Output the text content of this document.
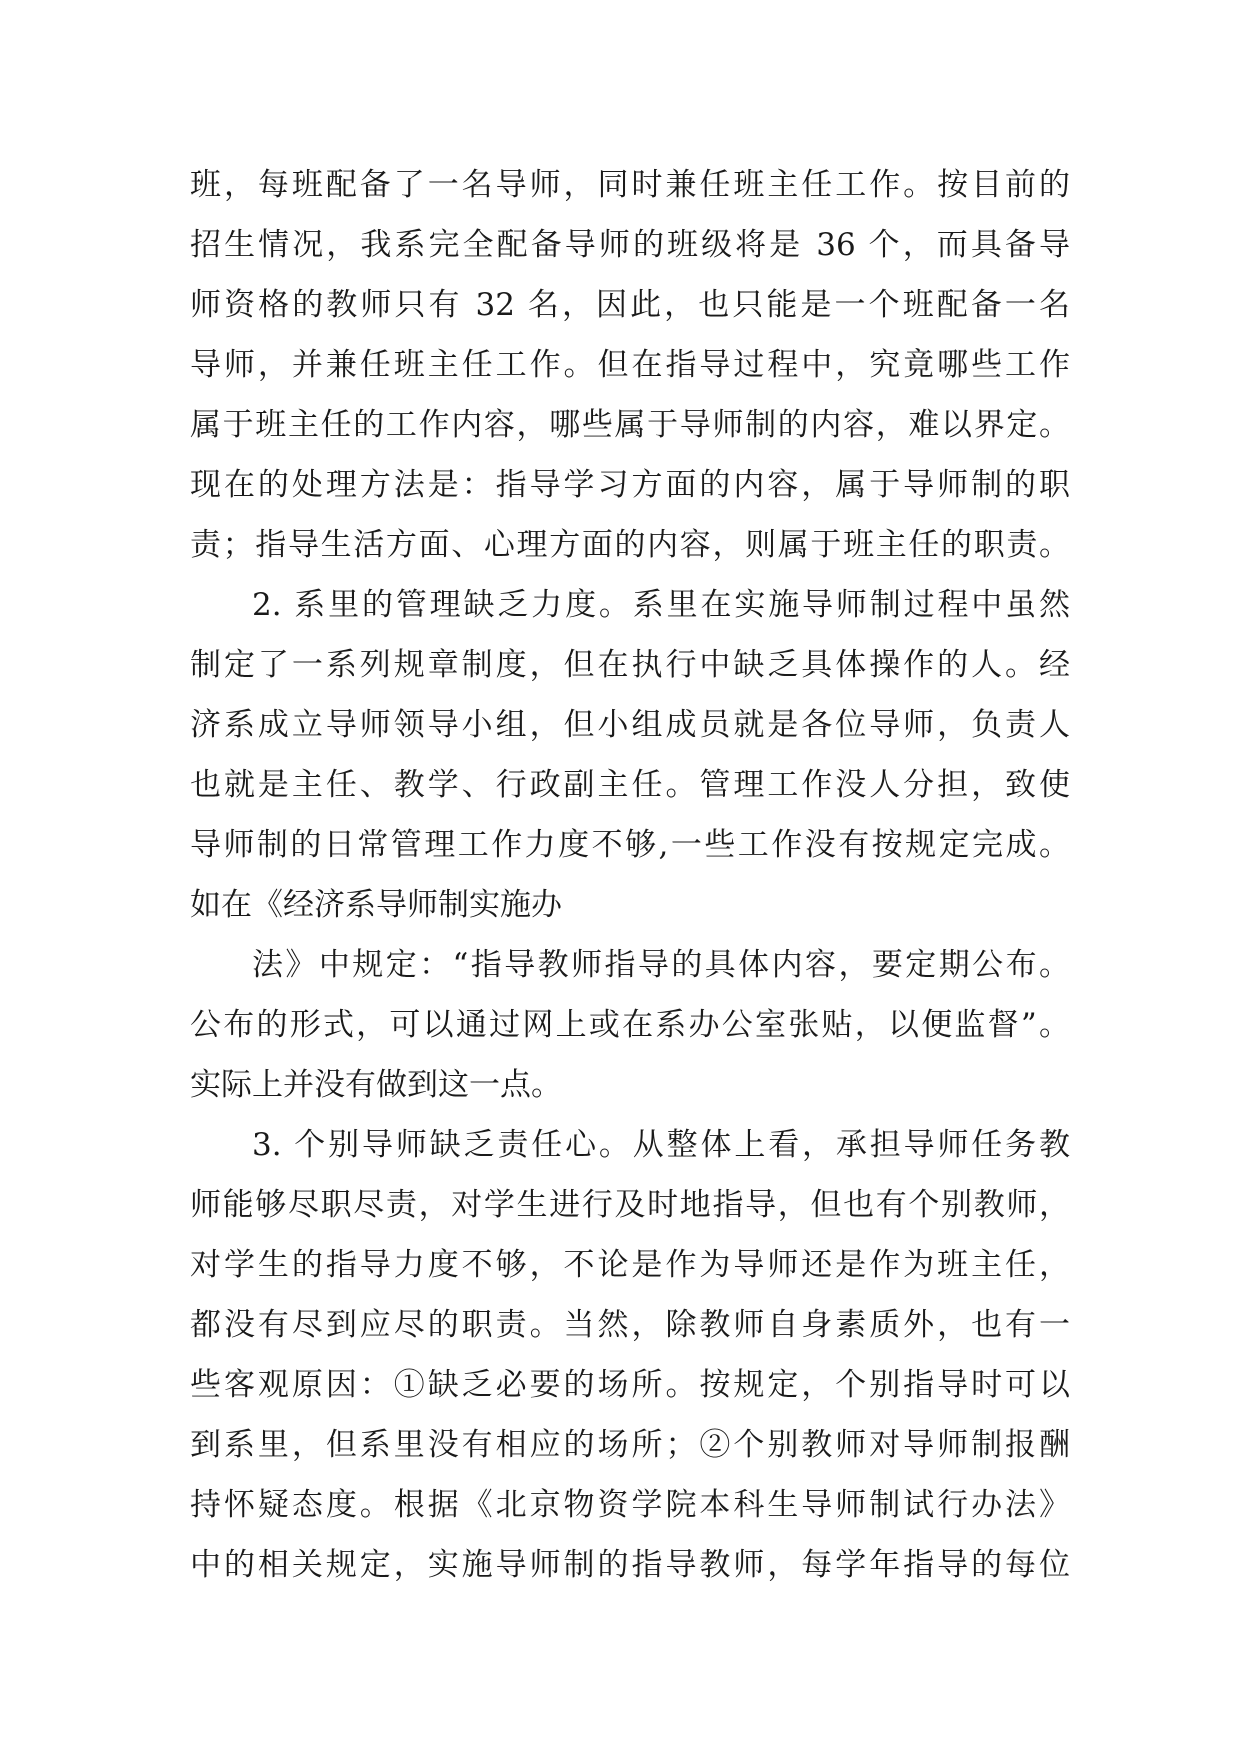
班，每班配备了一名导师，同时兼任班主任工作。按目前的
招生情况，我系完全配备导师的班级将是 36 个，而具备导
师资格的教师只有 32 名，因此，也只能是一个班配备一名
导师，并兼任班主任工作。但在指导过程中，究竟哪些工作
属于班主任的工作内容，哪些属于导师制的内容，难以界定。
现在的处理方法是：指导学习方面的内容，属于导师制的职
责；指导生活方面、心理方面的内容，则属于班主任的职责。
2. 系里的管理缺乏力度。系里在实施导师制过程中虽然
制定了一系列规章制度，但在执行中缺乏具体操作的人。经
济系成立导师领导小组，但小组成员就是各位导师，负责人
也就是主任、教学、行政副主任。管理工作没人分担，致使
导师制的日常管理工作力度不够,一些工作没有按规定完成。
如在《经济系导师制实施办
法》中规定：“指导教师指导的具体内容，要定期公布。
公布的形式，可以通过网上或在系办公室张贴，以便监督”。
实际上并没有做到这一点。
3. 个别导师缺乏责任心。从整体上看，承担导师任务教
师能够尽职尽责，对学生进行及时地指导，但也有个别教师，
对学生的指导力度不够，不论是作为导师还是作为班主任，
都没有尽到应尽的职责。当然，除教师自身素质外，也有一
些客观原因：①缺乏必要的场所。按规定，个别指导时可以
到系里，但系里没有相应的场所；②个别教师对导师制报酬
持怀疑态度。根据《北京物资学院本科生导师制试行办法》
中的相关规定，实施导师制的指导教师，每学年指导的每位
